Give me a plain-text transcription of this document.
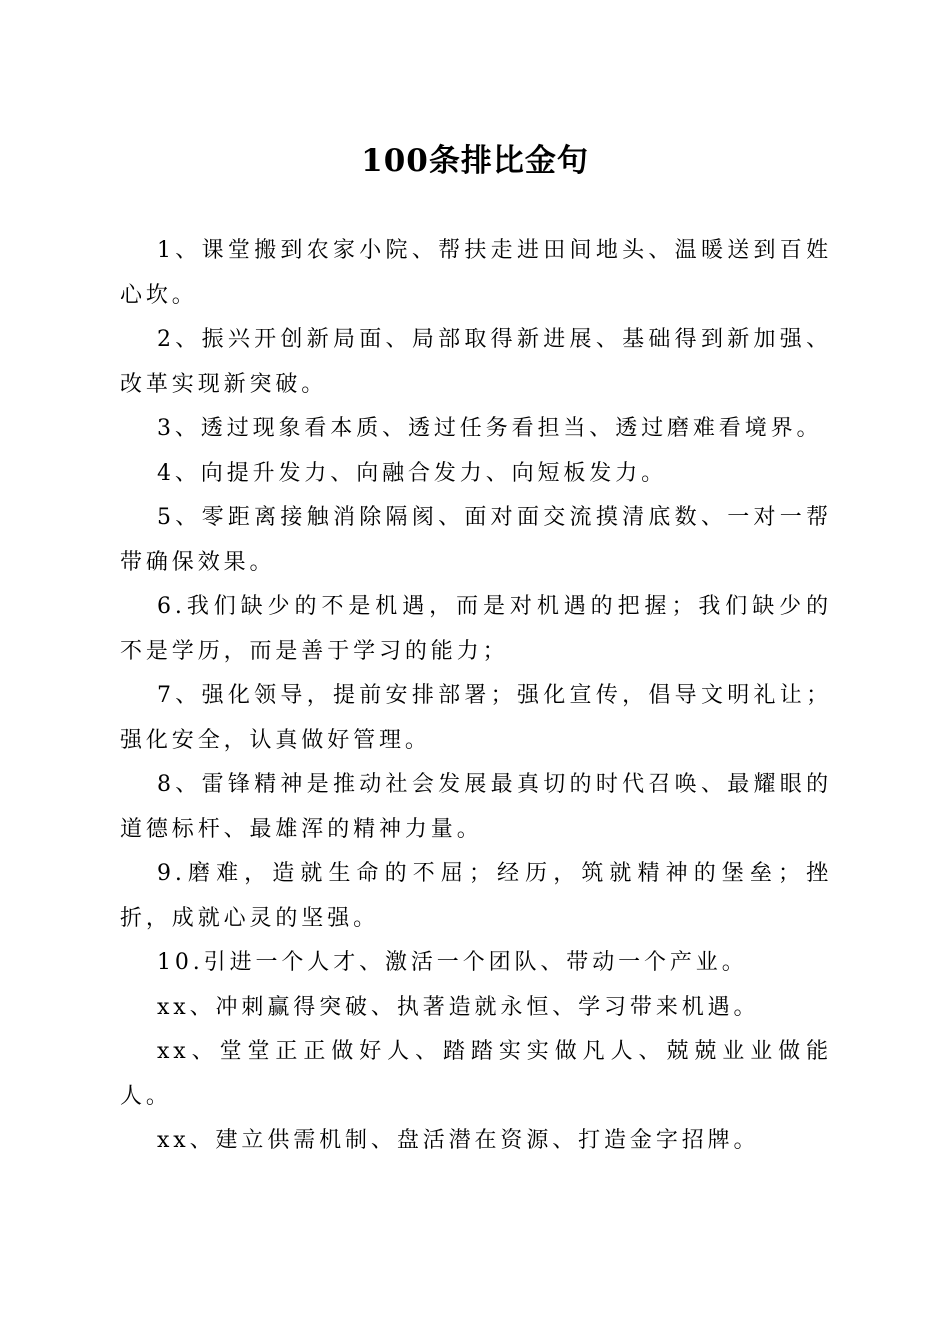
100条排比金句

1、课堂搬到农家小院、帮扶走进田间地头、温暖送到百姓心坎。

2、振兴开创新局面、局部取得新进展、基础得到新加强、改革实现新突破。

3、透过现象看本质、透过任务看担当、透过磨难看境界。

4、向提升发力、向融合发力、向短板发力。

5、零距离接触消除隔阂、面对面交流摸清底数、一对一帮带确保效果。

6.我们缺少的不是机遇，而是对机遇的把握；我们缺少的不是学历，而是善于学习的能力；

7、强化领导，提前安排部署；强化宣传，倡导文明礼让；强化安全，认真做好管理。

8、雷锋精神是推动社会发展最真切的时代召唤、最耀眼的道德标杆、最雄浑的精神力量。

9.磨难，造就生命的不屈；经历，筑就精神的堡垒；挫折，成就心灵的坚强。

10.引进一个人才、激活一个团队、带动一个产业。

xx、冲刺赢得突破、执著造就永恒、学习带来机遇。

xx、堂堂正正做好人、踏踏实实做凡人、兢兢业业做能人。

xx、建立供需机制、盘活潜在资源、打造金字招牌。
